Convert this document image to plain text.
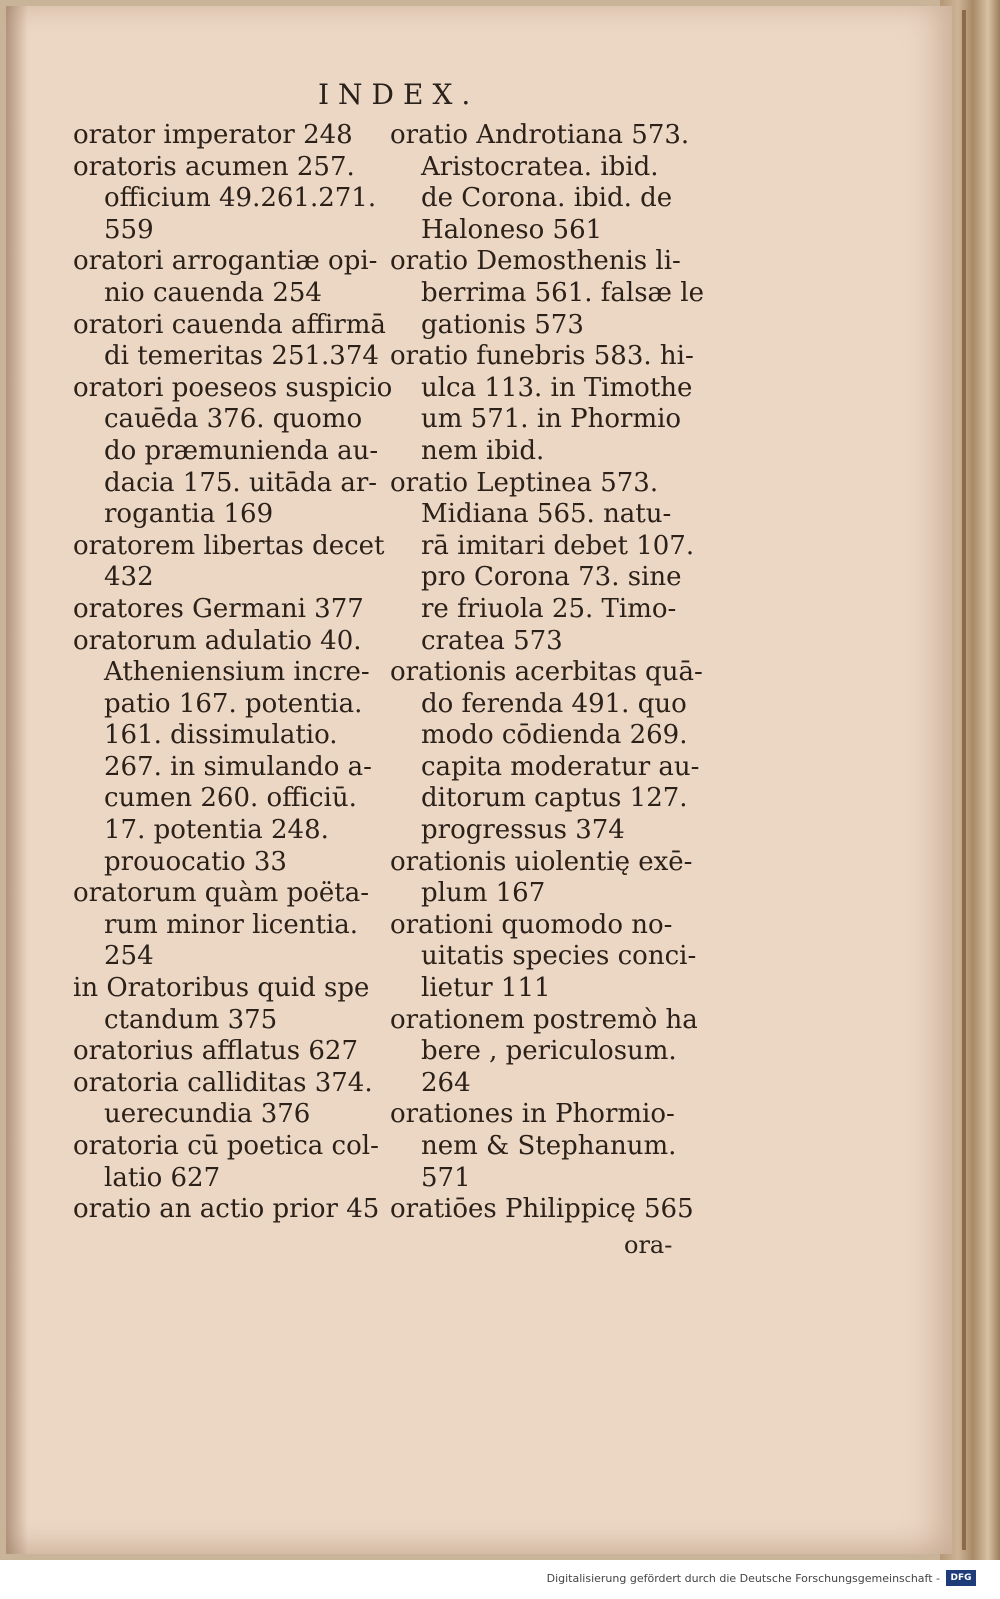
INDEX.
orator imperator 248
oratoris acumen 257.
officium 49.261.271.
559
oratori arrogantiæ opi-
nio cauenda 254
oratori cauenda affirmā
di temeritas 251.374
oratori poeseos suspicio
cauēda 376. quomo
do præmunienda au-
dacia 175. uitāda ar-
rogantia 169
oratorem libertas decet
432
oratores Germani 377
oratorum adulatio 40.
Atheniensium incre-
patio 167. potentia.
161. dissimulatio.
267. in simulando a-
cumen 260. officiū.
17. potentia 248.
prouocatio 33
oratorum quàm poëta-
rum minor licentia.
254
in Oratoribus quid spe
ctandum 375
oratorius afflatus 627
oratoria calliditas 374.
uerecundia 376
oratoria cū poetica col-
latio 627
oratio an actio prior 45
oratio Androtiana 573.
Aristocratea. ibid.
de Corona. ibid. de
Halonesо 561
oratio Demosthenis li-
berrima 561. falsæ le
gationis 573
oratio funebris 583. hi-
ulca 113. in Timothe
um 571. in Phormio
nem ibid.
oratio Leptinea 573.
Midiana 565. natu-
rā imitari debet 107.
pro Corona 73. sine
re friuola 25. Timo-
cratea 573
orationis acerbitas quā-
do ferenda 491. quo
modo cōdienda 269.
capita moderatur au-
ditorum captus 127.
progressus 374
orationis uiolentię exē-
plum 167
orationi quomodo no-
uitatis species conci-
lietur 111
orationem postremò ha
bere , periculosum.
264
orationes in Phormio-
nem & Stephanum.
571
oratiōes Philippicę 565
ora-
Digitalisierung gefördert durch die Deutsche Forschungsgemeinschaft -	DFG
